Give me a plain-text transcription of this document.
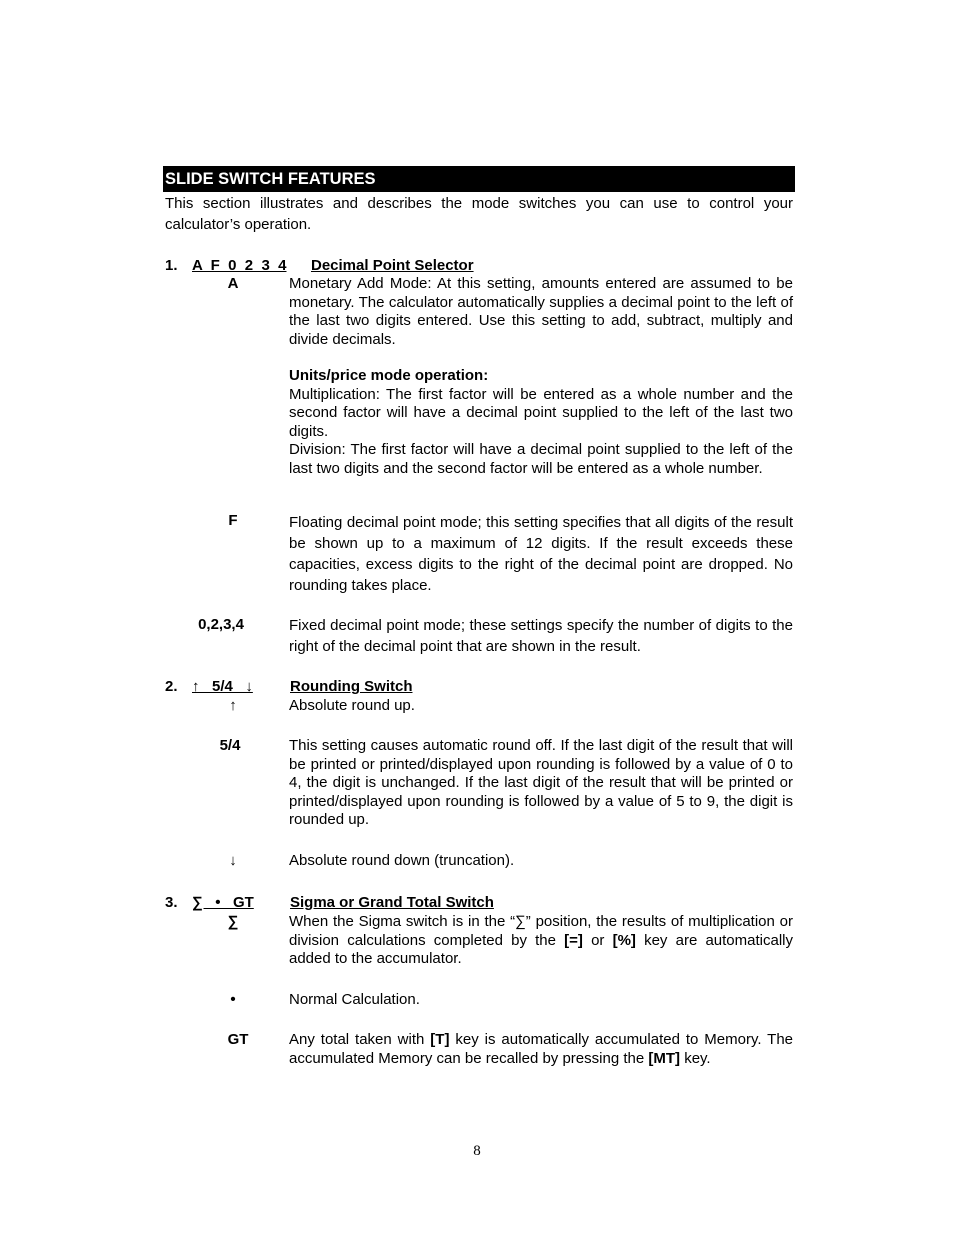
SLIDE SWITCH FEATURES
This section illustrates and describes the mode switches you can use to control your calculator’s operation.
1. A  F  0  2  3  4 Decimal Point Selector
A	Monetary Add Mode: At this setting, amounts entered are assumed to be monetary. The calculator automatically supplies a decimal point to the left of the last two digits entered. Use this setting to add, subtract, multiply and divide decimals.

Units/price mode operation:

Multiplication: The first factor will be entered as a whole number and the second factor will have a decimal point supplied to the left of the last two digits.

Division: The first factor will have a decimal point supplied to the left of the last two digits and the second factor will be entered as a whole number.

F	Floating decimal point mode; this setting specifies that all digits of the result be shown up to a maximum of 12 digits. If the result exceeds these capacities, excess digits to the right of the decimal point are dropped. No rounding takes place.
0,2,3,4	Fixed decimal point mode; these settings specify the number of digits to the right of the decimal point that are shown in the result.
2. ↑   5/4   ↓	Rounding Switch
↑	Absolute round up.
5/4	This setting causes automatic round off. If the last digit of the result that will be printed or printed/displayed upon rounding is followed by a value of 0 to 4, the digit is unchanged. If the last digit of the result that will be printed or printed/displayed upon rounding is followed by a value of 5 to 9, the digit is rounded up.
↓	Absolute round down (truncation).
3. ∑   •   GT	Sigma or Grand Total Switch
∑	When the Sigma switch is in the “∑” position, the results of multiplication or division calculations completed by the [=] or [%] key are automatically added to the accumulator.
•	Normal Calculation.
GT	Any total taken with [T] key is automatically accumulated to Memory. The accumulated Memory can be recalled by pressing the [MT] key.
8
